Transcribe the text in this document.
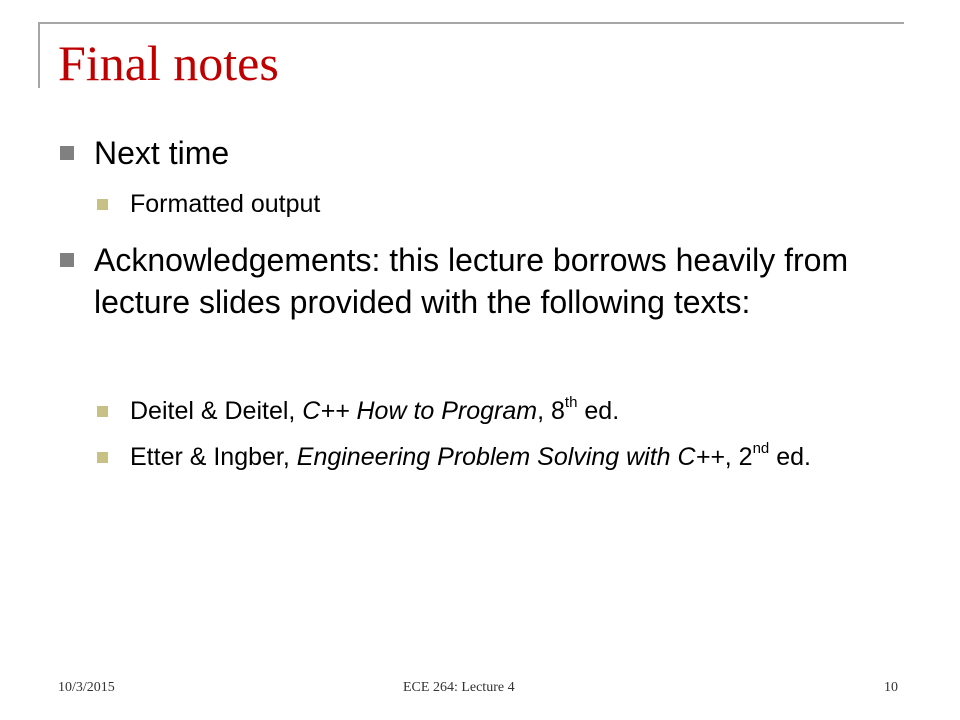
Final notes
Next time
Formatted output
Acknowledgements: this lecture borrows heavily from lecture slides provided with the following texts:
Deitel & Deitel, C++ How to Program, 8th ed.
Etter & Ingber, Engineering Problem Solving with C++, 2nd ed.
10/3/2015	ECE 264: Lecture 4	10
